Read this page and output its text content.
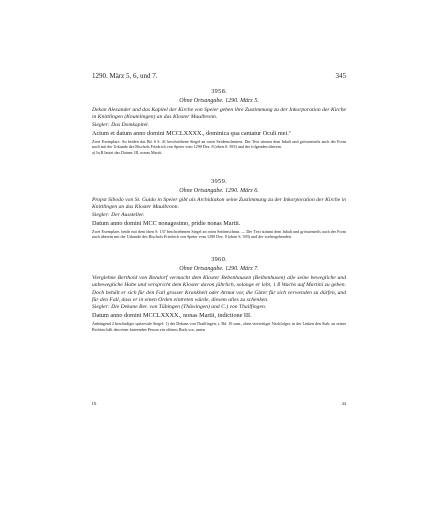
1290. März 5, 6, und 7.	345

3958.

Ohne Ortsangabe. 1290. März 5.

Dekan Alexander und das Kapitel der Kirche von Speier geben ihre Zustimmung zu der Inkorporation der Kirche in Knittlingen (Knutelingen) an das Kloster Maulbronn.

Siegler: Das Domkapitel.

Actum et datum anno domini MCCLXXXX., dominica qua cantatur Oculi mei.ª

Zwei Exemplare. An beiden das Bd. 6 S. 41 beschriebene Siegel an roten Seidenschnüren. Der Text stimmt dem Inhalt und grösstenteils auch der Form nach mit der Urkunde des Bischofs Friedrich von Speier vom 1290 Dez. 8 (oben S. 393) und der folgenden überein.

a) In B lautet das Datum: III. nonas Martii.

3959.

Ohne Ortsangabe. 1290. März 6.

Propst Sibodo von St. Guido in Speier gibt als Archidiakon seine Zustimmung zu der Inkorporation der Kirche in Knittlingen an das Kloster Maulbronn.

Siegler: Der Aussteller.

Datum anno domini MCC nonagesimo, pridie nonas Martii.

Zwei Exemplare, beide mit dem oben S. 137 beschriebenen Siegel an roten Seidenschnur. — Der Text stimmt dem Inhalt und grösstenteils auch der Form nach überein mit der Urkunde des Bischofs Friedrich von Speier vom 1290 Dez. 8 (oben S. 393) und der vorhergehenden.

3960.

Ohne Ortsangabe. 1290. März 7.

Vierglehne Berthold von Bondorf vermacht dem Kloster Bebenhausen (Beibenhusen) alle seine bewegliche und unbewegliche Habe und verspricht dem Kloster davon jährlich, solange er lebt, 1 ß Wachs auf Martini zu geben. Doch behält er sich für den Fall grosser Krankheit oder Armut vor, die Güter für sich verwenden zu dürfen, und für den Fall, dass er in einen Orden eintreten würde, diesem alles zu schenken.

Siegler: Die Dekane Ber. von Tübingen (Thůwingen) und C.) von Thailfingen.

Datum anno domini MCCLXXXX., nonas Martii, indictione III.

Anhängend 2 beschädigte spitzovale Siegel: 1) des Dekans von Thailfingen, s. Bd. 10 sum., oben vierseitiger Nachfolger, in der Linken den Stab, zu seiner Rechten hält den einer knieenden Person ein offenes Buch vor, unten

IX.	44
